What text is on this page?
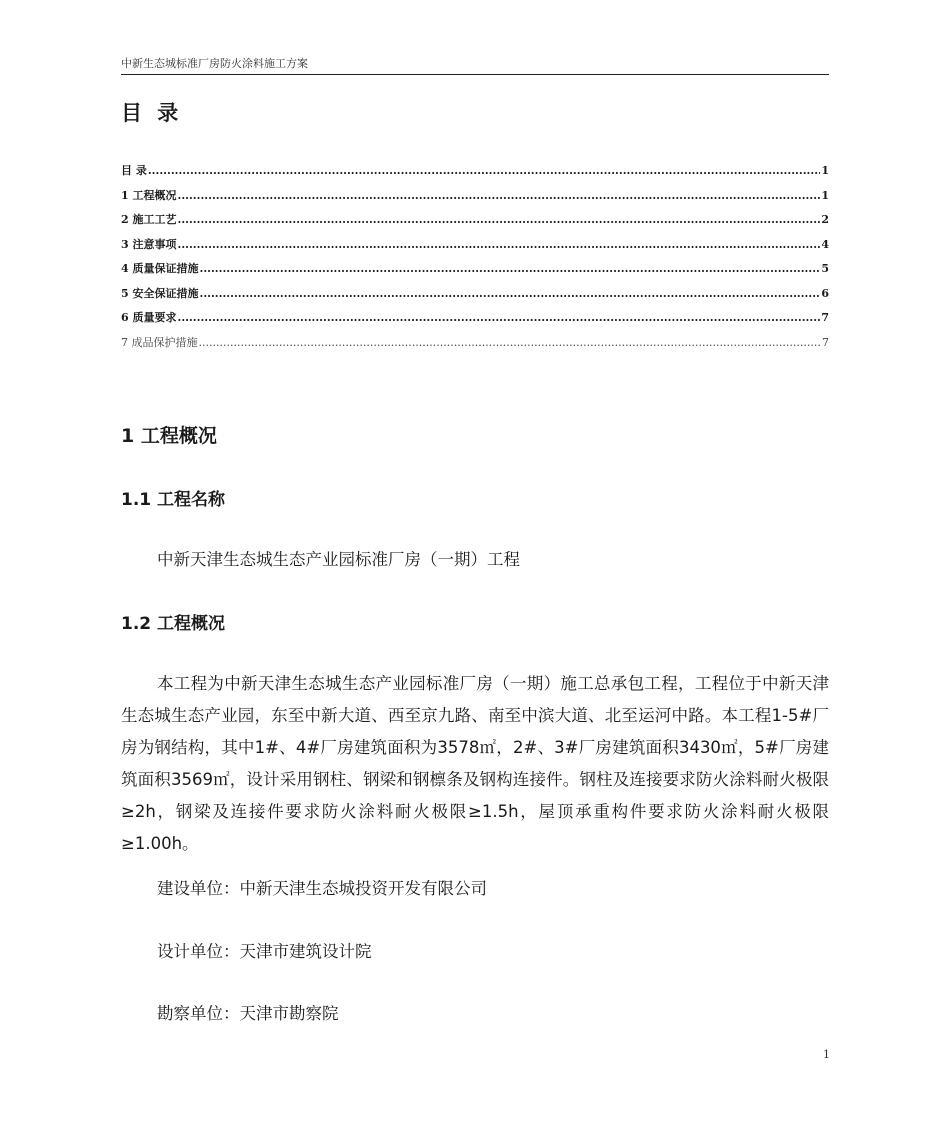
中新生态城标准厂房防火涂料施工方案
目 录
目 录 .....	1
1 工程概况 .....	1
2 施工工艺 .....	2
3 注意事项 .....	4
4 质量保证措施 .....	5
5 安全保证措施 .....	6
6 质量要求 .....	7
7 成品保护措施 .....	7
1 工程概况
1.1 工程名称

中新天津生态城生态产业园标准厂房（一期）工程

1.2 工程概况

本工程为中新天津生态城生态产业园标准厂房（一期）施工总承包工程，工程位于中新天津生态城生态产业园，东至中新大道、西至京九路、南至中滨大道、北至运河中路。本工程1-5#厂房为钢结构，其中1#、4#厂房建筑面积为3578㎡，2#、3#厂房建筑面积3430㎡，5#厂房建筑面积3569㎡，设计采用钢柱、钢梁和钢檩条及钢构连接件。钢柱及连接要求防火涂料耐火极限≥2h，钢梁及连接件要求防火涂料耐火极限≥1.5h，屋顶承重构件要求防火涂料耐火极限≥1.00h。

建设单位：中新天津生态城投资开发有限公司

设计单位：天津市建筑设计院

勘察单位：天津市勘察院

1
